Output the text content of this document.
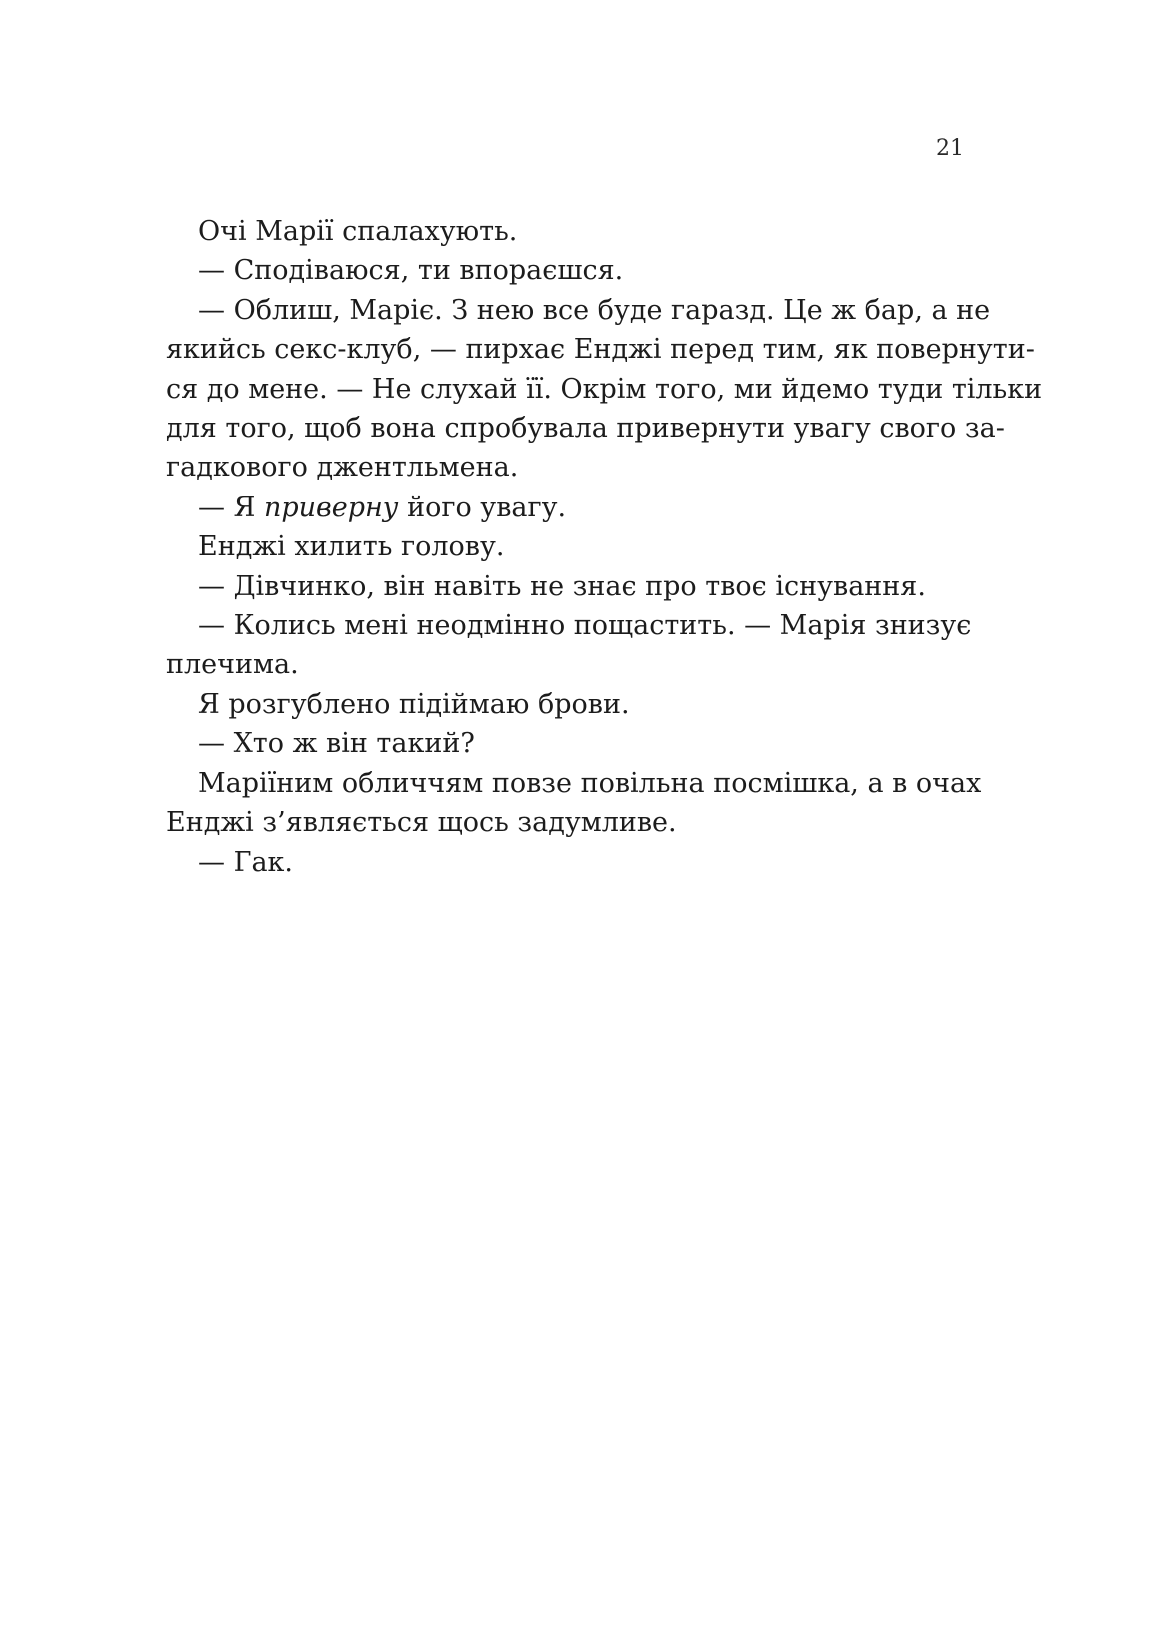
21
Очі Марії спалахують.
— Сподіваюся, ти впораєшся.
— Облиш, Маріє. З нею все буде гаразд. Це ж бар, а не
якийсь секс-клуб, — пирхає Енджі перед тим, як повернути-
ся до мене. — Не слухай її. Окрім того, ми йдемо туди тільки
для того, щоб вона спробувала привернути увагу свого за-
гадкового джентльмена.
— Я приверну його увагу.
Енджі хилить голову.
— Дівчинко, він навіть не знає про твоє існування.
— Колись мені неодмінно пощастить. — Марія знизує
плечима.
Я розгублено підіймаю брови.
— Хто ж він такий?
Маріїним обличчям повзе повільна посмішка, а в очах
Енджі з’являється щось задумливе.
— Гак.
